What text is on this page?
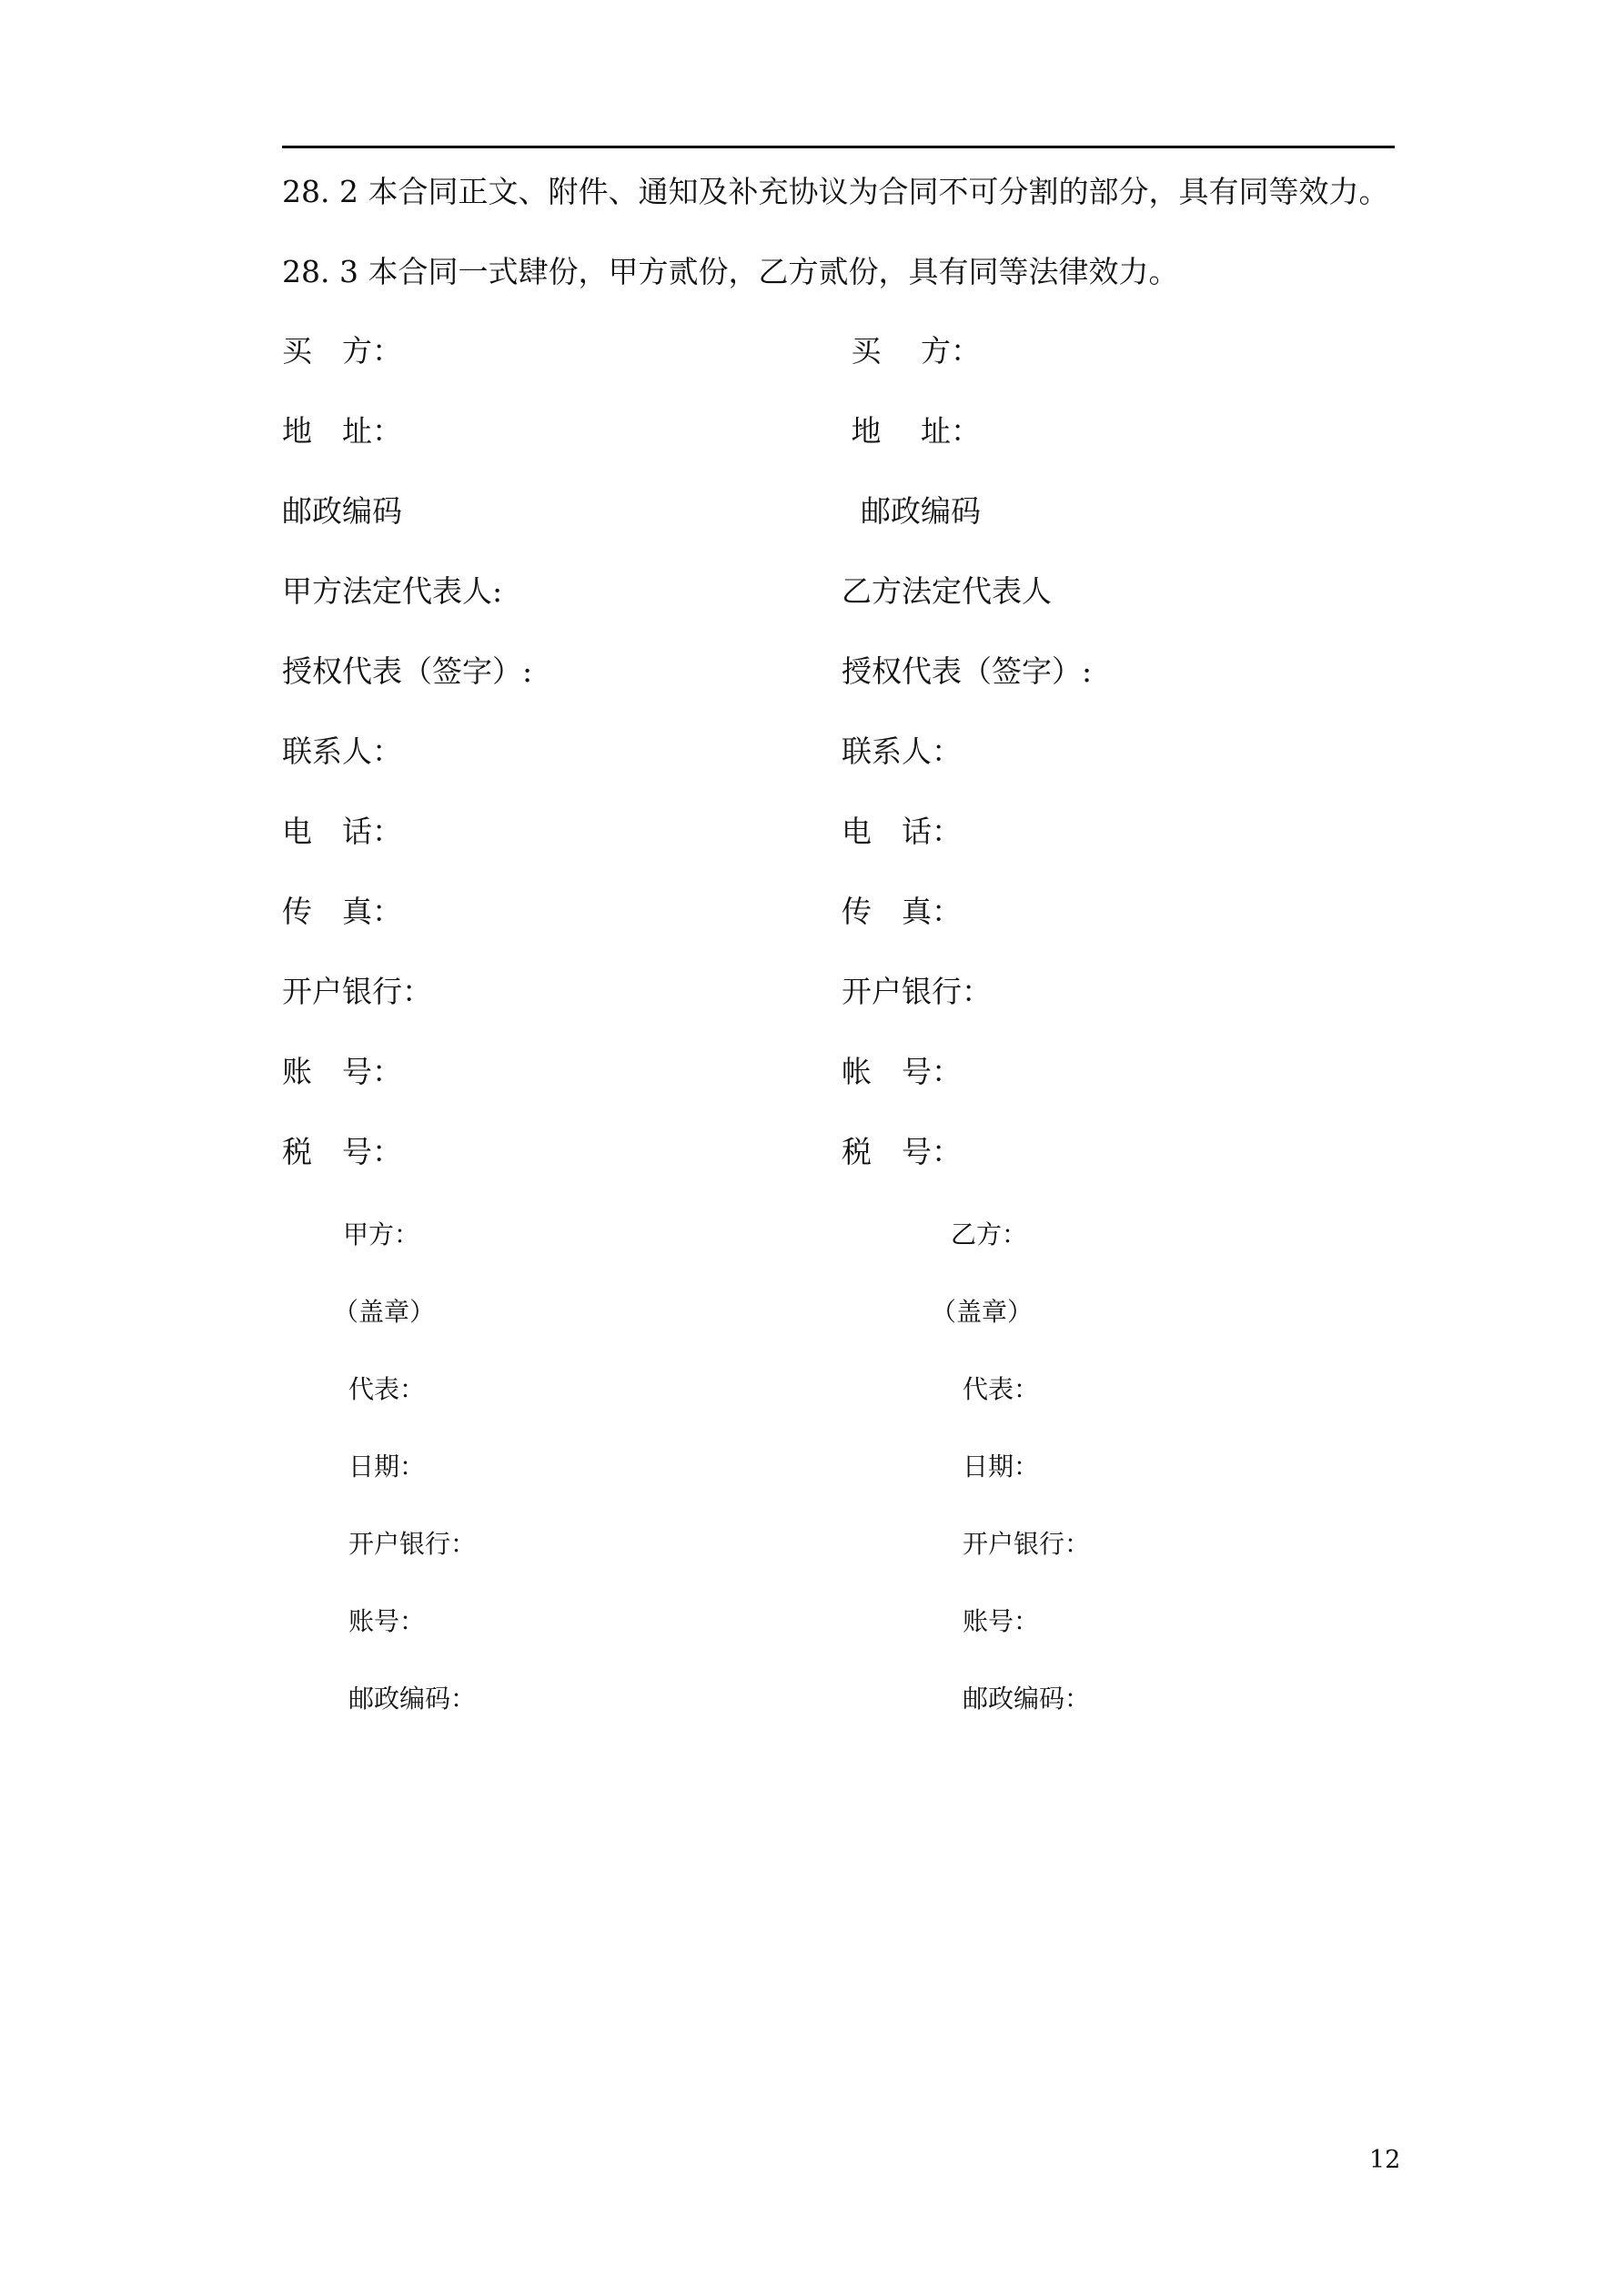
28. 2 本合同正文、附件、通知及补充协议为合同不可分割的部分，具有同等效力。
28. 3 本合同一式肆份，甲方贰份，乙方贰份，具有同等法律效力。
买　方：
地　址：
邮政编码
甲方法定代表人:
授权代表（签字）:
联系人：
电　话：
传　真：
开户银行：
账　号：
税　号：
买　 方：
地　 址：
邮政编码
乙方法定代表人
授权代表（签字）:
联系人：
电　话：
传　真：
开户银行：
帐　号：
税　号：
甲方：
（盖章）
代表：
日期：
开户银行：
账号：
邮政编码：
乙方：
（盖章）
代表：
日期：
开户银行：
账号：
邮政编码：
12
